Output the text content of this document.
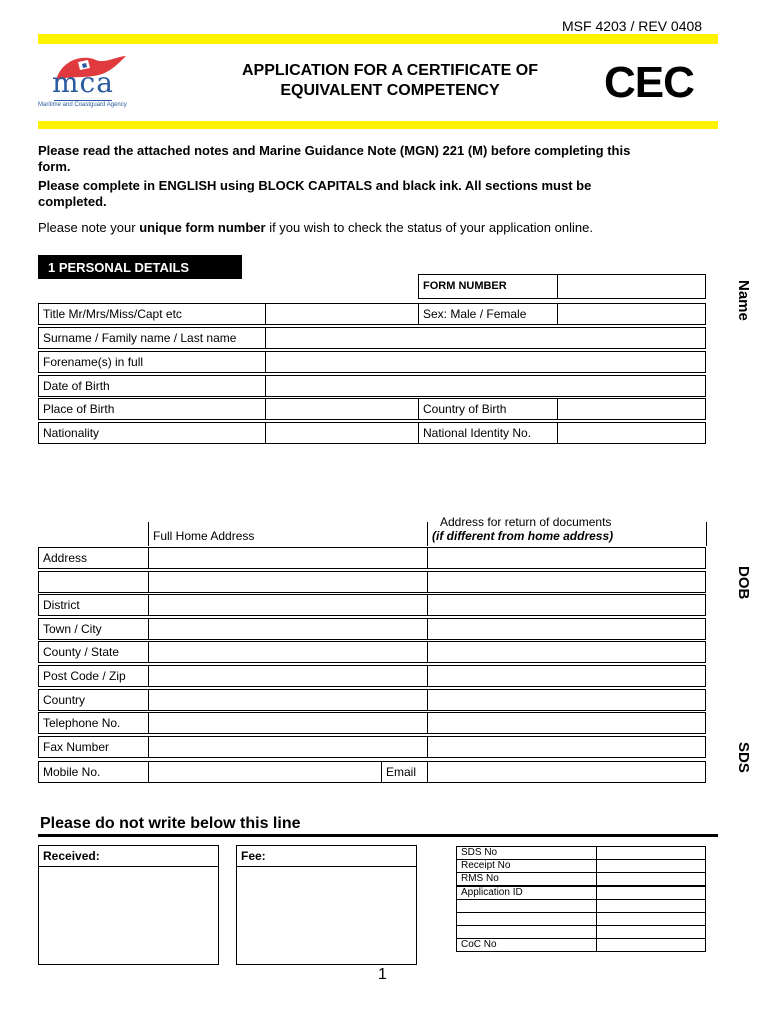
MSF 4203 / REV 0408
mca
Maritime and Coastguard Agency
APPLICATION FOR A CERTIFICATE OF
EQUIVALENT COMPETENCY	CEC
Please read the attached notes and Marine Guidance Note (MGN) 221 (M) before completing this
form.
Please complete in ENGLISH using BLOCK CAPITALS and black ink. All sections must be
completed.
Please note your unique form number if you wish to check the status of your application online.
1 PERSONAL DETAILS
FORM NUMBER
Title Mr/Mrs/Miss/Capt etc	Sex: Male / Female
Surname / Family name / Last name
Forename(s) in full
Date of Birth
Place of Birth	Country of Birth
Nationality	National Identity No.
Name
DOB
SDS
Full Home Address
Address for return of documents
(if different from home address)
Address
District
Town / City
County / State
Post Code / Zip
Country
Telephone No.
Fax Number
Mobile No.	Email
Please do not write below this line
Received:	Fee:	SDS No
Receipt No
RMS No
Application ID
CoC No
1
